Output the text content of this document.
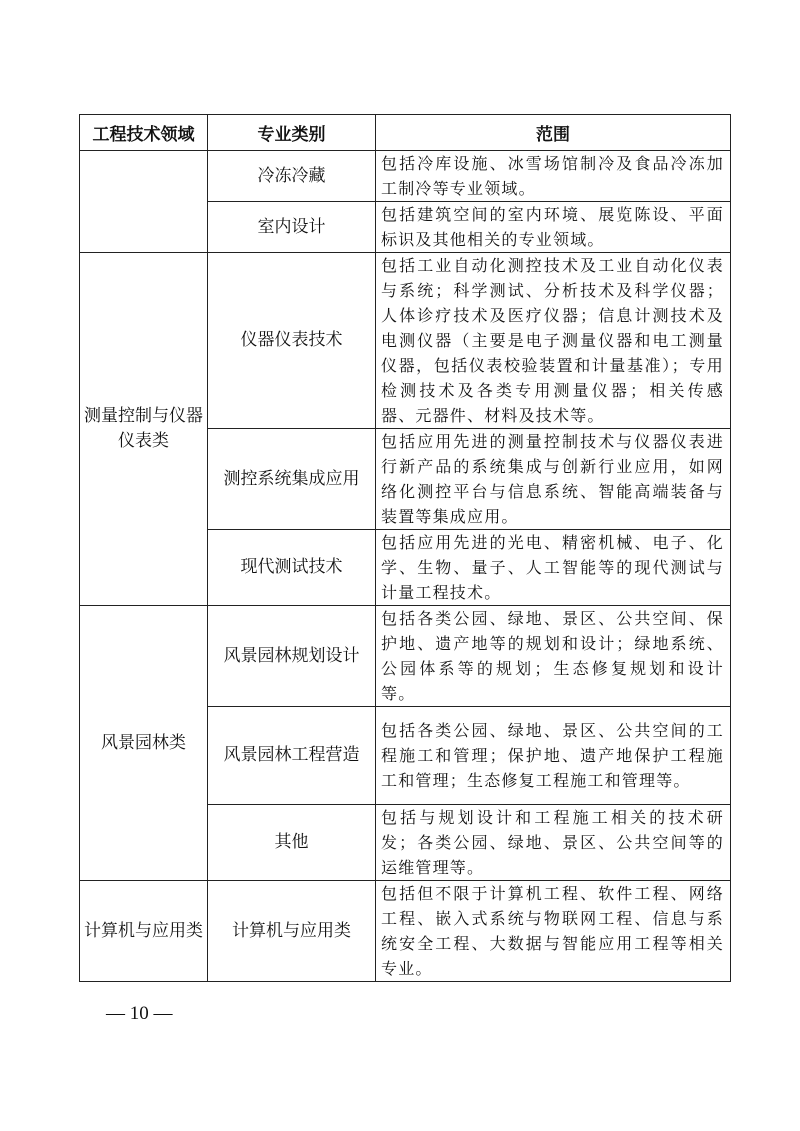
工程技术领域	专业类别	范围
	冷冻冷藏	包括冷库设施、冰雪场馆制冷及食品冷冻加工制冷等专业领域。
	室内设计	包括建筑空间的室内环境、展览陈设、平面标识及其他相关的专业领域。
测量控制与仪器仪表类	仪器仪表技术	包括工业自动化测控技术及工业自动化仪表与系统；科学测试、分析技术及科学仪器；人体诊疗技术及医疗仪器；信息计测技术及电测仪器（主要是电子测量仪器和电工测量仪器，包括仪表校验装置和计量基准）；专用检测技术及各类专用测量仪器；相关传感器、元器件、材料及技术等。
	测控系统集成应用	包括应用先进的测量控制技术与仪器仪表进行新产品的系统集成与创新行业应用，如网络化测控平台与信息系统、智能高端装备与装置等集成应用。
	现代测试技术	包括应用先进的光电、精密机械、电子、化学、生物、量子、人工智能等的现代测试与计量工程技术。
风景园林类	风景园林规划设计	包括各类公园、绿地、景区、公共空间、保护地、遗产地等的规划和设计；绿地系统、公园体系等的规划；生态修复规划和设计等。
	风景园林工程营造	包括各类公园、绿地、景区、公共空间的工程施工和管理；保护地、遗产地保护工程施工和管理；生态修复工程施工和管理等。
	其他	包括与规划设计和工程施工相关的技术研发；各类公园、绿地、景区、公共空间等的运维管理等。
计算机与应用类	计算机与应用类	包括但不限于计算机工程、软件工程、网络工程、嵌入式系统与物联网工程、信息与系统安全工程、大数据与智能应用工程等相关专业。
— 10 —
